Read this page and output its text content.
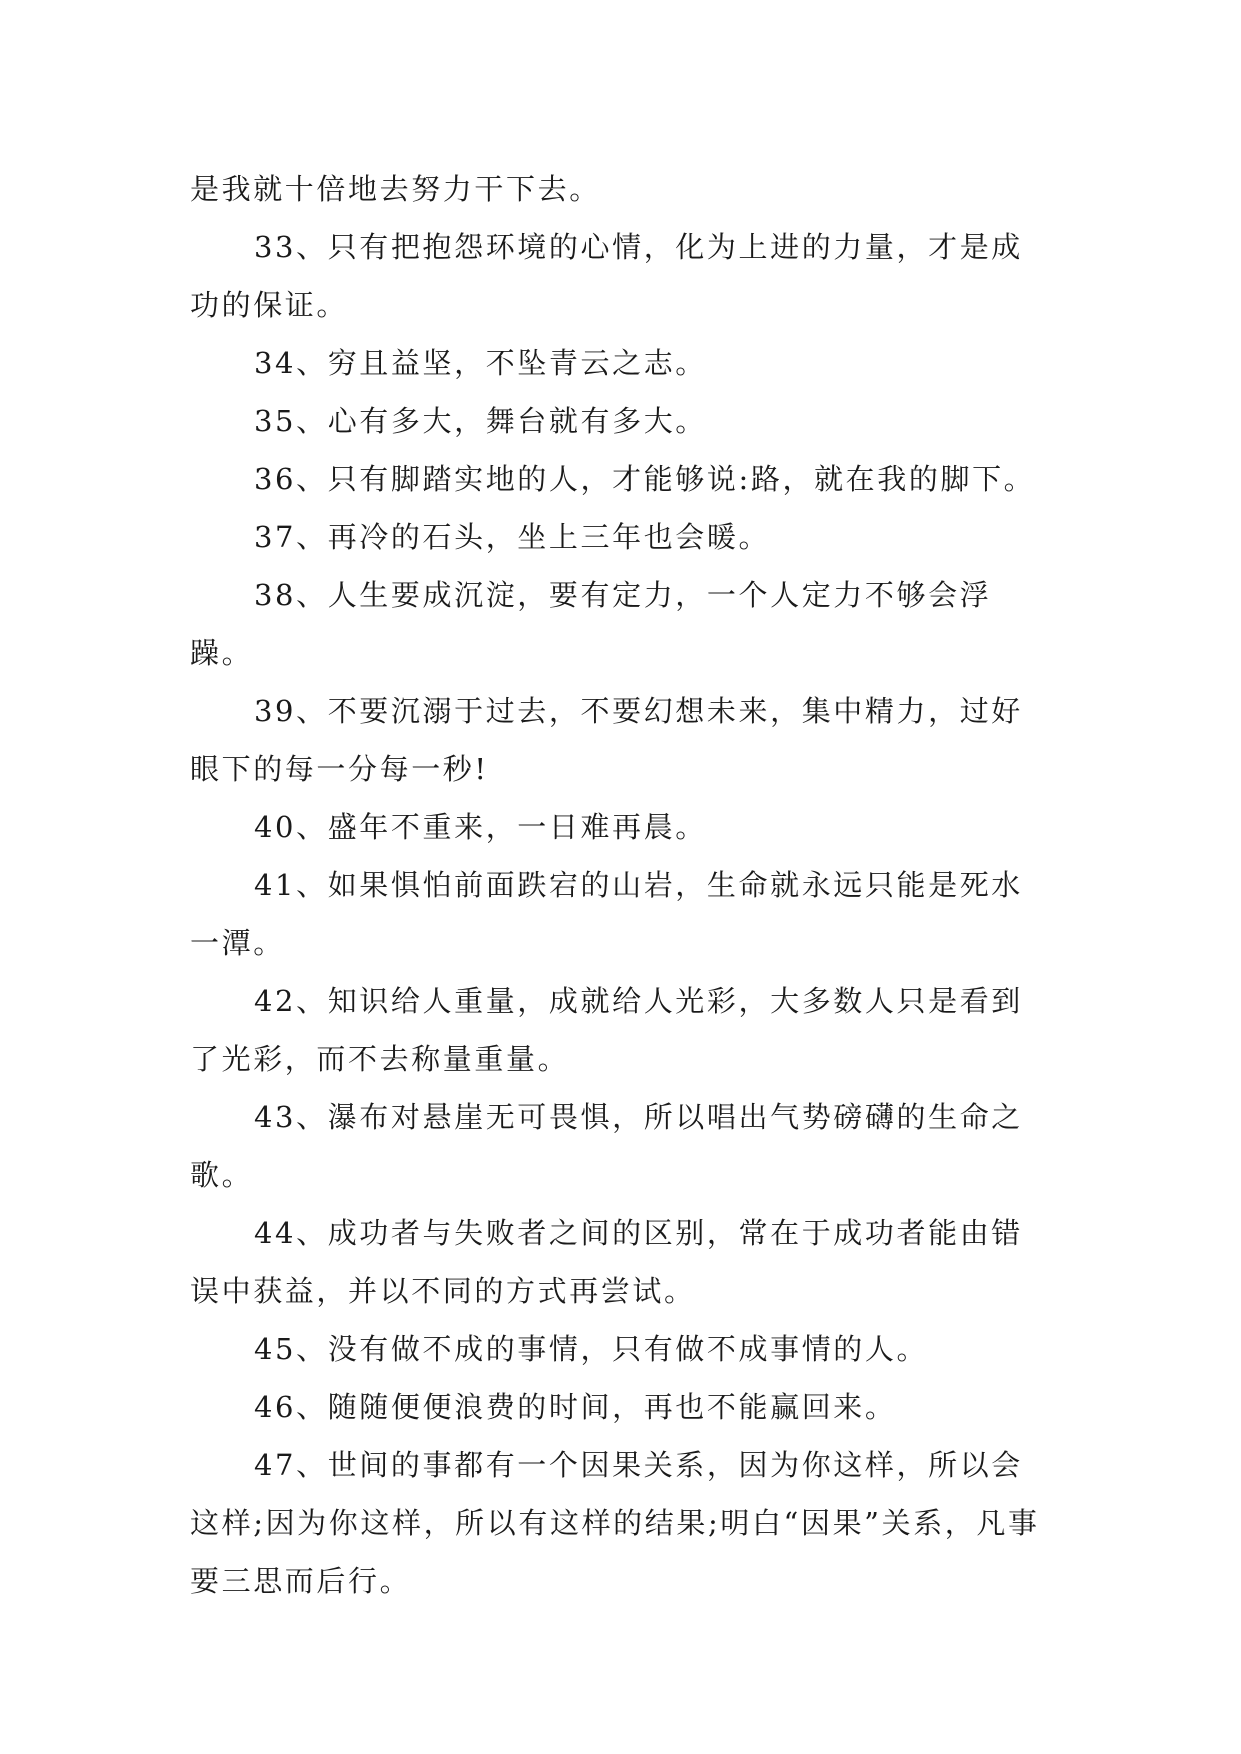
是我就十倍地去努力干下去。

33、只有把抱怨环境的心情，化为上进的力量，才是成功的保证。

34、穷且益坚，不坠青云之志。

35、心有多大，舞台就有多大。

36、只有脚踏实地的人，才能够说:路，就在我的脚下。

37、再冷的石头，坐上三年也会暖。

38、人生要成沉淀，要有定力，一个人定力不够会浮躁。

39、不要沉溺于过去，不要幻想未来，集中精力，过好眼下的每一分每一秒!

40、盛年不重来，一日难再晨。

41、如果惧怕前面跌宕的山岩，生命就永远只能是死水一潭。

42、知识给人重量，成就给人光彩，大多数人只是看到了光彩，而不去称量重量。

43、瀑布对悬崖无可畏惧，所以唱出气势磅礴的生命之歌。

44、成功者与失败者之间的区别，常在于成功者能由错误中获益，并以不同的方式再尝试。

45、没有做不成的事情，只有做不成事情的人。

46、随随便便浪费的时间，再也不能赢回来。

47、世间的事都有一个因果关系，因为你这样，所以会这样;因为你这样，所以有这样的结果;明白“因果”关系，凡事要三思而后行。
